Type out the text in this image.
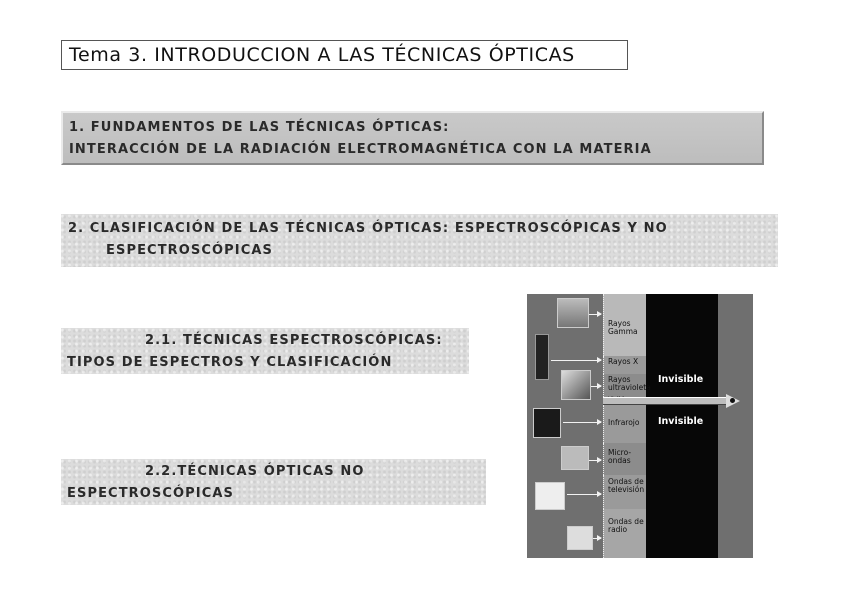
Tema 3. INTRODUCCION A LAS TÉCNICAS ÓPTICAS
1. FUNDAMENTOS DE LAS TÉCNICAS ÓPTICAS:
INTERACCIÓN DE LA RADIACIÓN ELECTROMAGNÉTICA CON LA MATERIA
2. CLASIFICACIÓN DE LAS TÉCNICAS ÓPTICAS: ESPECTROSCÓPICAS Y NO
ESPECTROSCÓPICAS
2.1. TÉCNICAS ESPECTROSCÓPICAS:
TIPOS DE ESPECTROS Y CLASIFICACIÓN
2.2.TÉCNICAS ÓPTICAS NO
ESPECTROSCÓPICAS
Rayos Gamma
Rayos X
Rayos ultravioleta
Infrarojo
Micro-ondas
Ondas de televisión
Ondas de radio
Invisible
Invisible
